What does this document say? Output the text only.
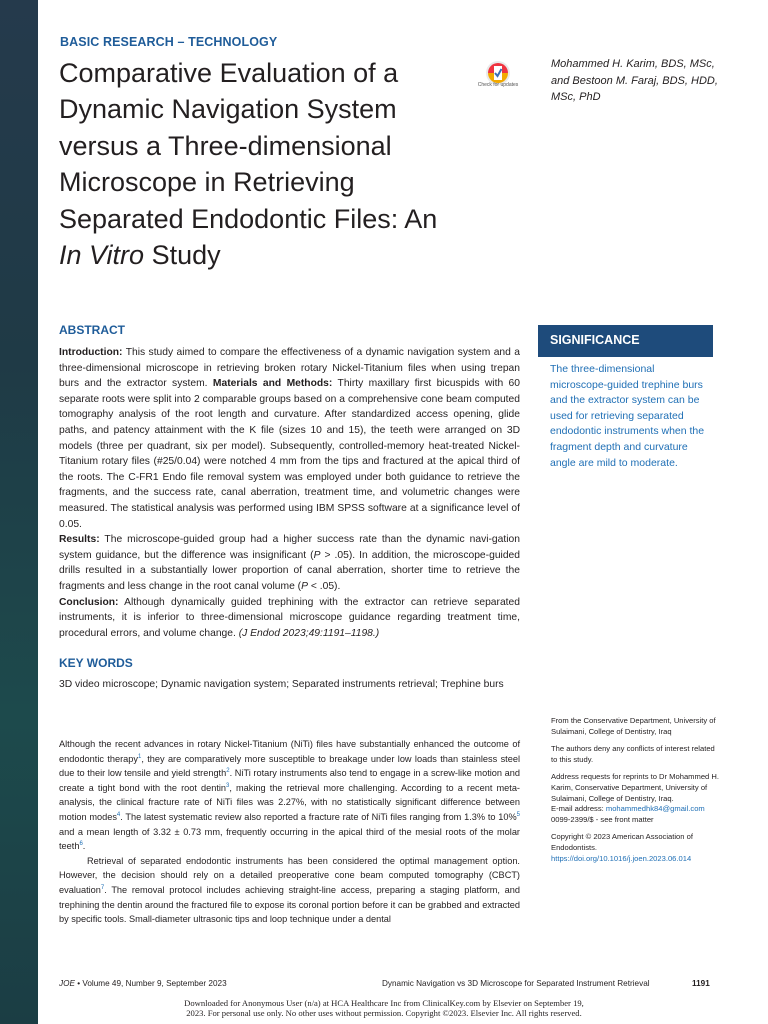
BASIC RESEARCH – TECHNOLOGY
Comparative Evaluation of a Dynamic Navigation System versus a Three-dimensional Microscope in Retrieving Separated Endodontic Files: An In Vitro Study
Check for updates
Mohammed H. Karim, BDS, MSc, and Bestoon M. Faraj, BDS, HDD, MSc, PhD
ABSTRACT
Introduction: This study aimed to compare the effectiveness of a dynamic navigation system and a three-dimensional microscope in retrieving broken rotary Nickel-Titanium files when using trepan burs and the extractor system. Materials and Methods: Thirty maxillary first bicuspids with 60 separate roots were split into 2 comparable groups based on a comprehensive cone beam computed tomography analysis of the root length and curvature. After standardized access opening, glide paths, and patency attainment with the K file (sizes 10 and 15), the teeth were arranged on 3D models (three per quadrant, six per model). Subsequently, controlled-memory heat-treated Nickel-Titanium rotary files (#25/0.04) were notched 4 mm from the tips and fractured at the apical third of the roots. The C-FR1 Endo file removal system was employed under both guidance to retrieve the fragments, and the success rate, canal aberration, treatment time, and volumetric changes were measured. The statistical analysis was performed using IBM SPSS software at a significance level of 0.05.
Results: The microscope-guided group had a higher success rate than the dynamic navi-gation system guidance, but the difference was insignificant (P > .05). In addition, the microscope-guided drills resulted in a substantially lower proportion of canal aberration, shorter time to retrieve the fragments and less change in the root canal volume (P < .05).
Conclusion: Although dynamically guided trephining with the extractor can retrieve separated instruments, it is inferior to three-dimensional microscope guidance regarding treatment time, procedural errors, and volume change. (J Endod 2023;49:1191–1198.)
SIGNIFICANCE
The three-dimensional microscope-guided trephine burs and the extractor system can be used for retrieving separated endodontic instruments when the fragment depth and curvature angle are mild to moderate.
KEY WORDS
3D video microscope; Dynamic navigation system; Separated instruments retrieval; Trephine burs

Although the recent advances in rotary Nickel-Titanium (NiTi) files have substantially enhanced the outcome of endodontic therapy$^1$, they are comparatively more susceptible to breakage under low loads than stainless steel due to their low tensile and yield strength$^2$. NiTi rotary instruments also tend to engage in a screw-like motion and create a tight bond with the root dentin$^3$, making the retrieval more challenging. According to a recent meta-analysis, the clinical fracture rate of NiTi files was 2.27%, with no statistically significant difference between motion modes$^4$. The latest systematic review also reported a fracture rate of NiTi files ranging from 1.3% to 10%$^5$ and a mean length of 3.32 ± 0.73 mm, frequently occurring in the apical third of the mesial roots of the molar teeth$^6$.

Retrieval of separated endodontic instruments has been considered the optimal management option. However, the decision should rely on a detailed preoperative cone beam computed tomography (CBCT) evaluation$^7$. The removal protocol includes achieving straight-line access, preparing a staging platform, and trephining the dentin around the fractured file to expose its coronal portion before it can be grabbed and extracted by specific tools. Small-diameter ultrasonic tips and loop technique under a dental

From the Conservative Department, University of Sulaimani, College of Dentistry, Iraq

The authors deny any conflicts of interest related to this study.

Address requests for reprints to Dr Mohammed H. Karim, Conservative Department, University of Sulaimani, College of Dentistry, Iraq.
E-mail address: mohammedhk84@gmail.com
0099-2399/$ - see front matter

Copyright © 2023 American Association of Endodontists.
https://doi.org/10.1016/j.joen.2023.06.014

JOE • Volume 49, Number 9, September 2023	Dynamic Navigation vs 3D Microscope for Separated Instrument Retrieval	1191
Downloaded for Anonymous User (n/a) at HCA Healthcare Inc from ClinicalKey.com by Elsevier on September 19,
2023. For personal use only. No other uses without permission. Copyright ©2023. Elsevier Inc. All rights reserved.
